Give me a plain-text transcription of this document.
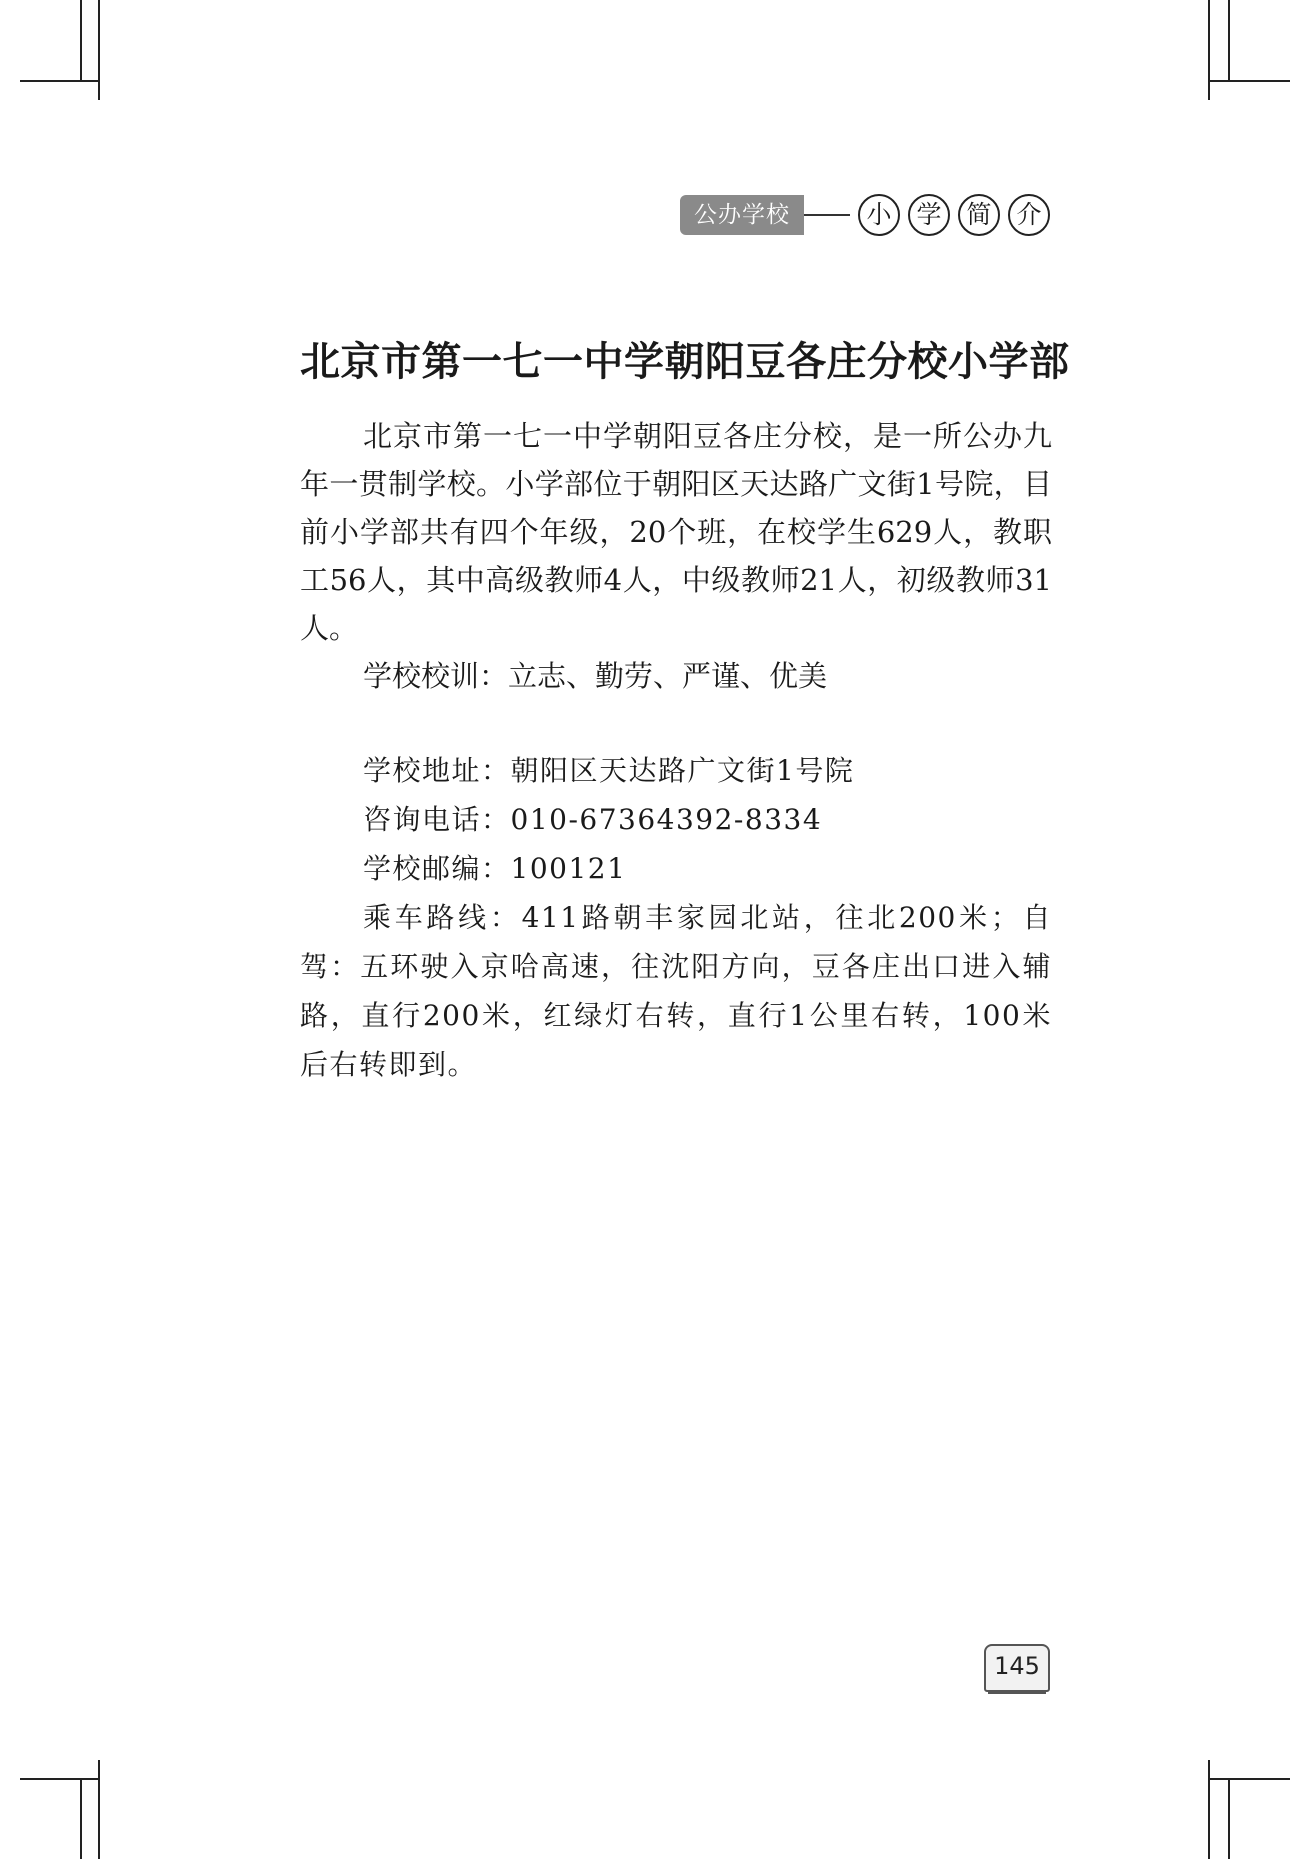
公办学校	小 学 简 介
北京市第一七一中学朝阳豆各庄分校小学部

北京市第一七一中学朝阳豆各庄分校，是一所公办九年一贯制学校。小学部位于朝阳区天达路广文街1号院，目前小学部共有四个年级，20个班，在校学生629人，教职工56人，其中高级教师4人，中级教师21人，初级教师31人。

学校校训：立志、勤劳、严谨、优美

学校地址：朝阳区天达路广文街1号院

咨询电话：010-67364392-8334

学校邮编：100121

乘车路线：411路朝丰家园北站，往北200米；自驾：五环驶入京哈高速，往沈阳方向，豆各庄出口进入辅路，直行200米，红绿灯右转，直行1公里右转，100米后右转即到。

145
